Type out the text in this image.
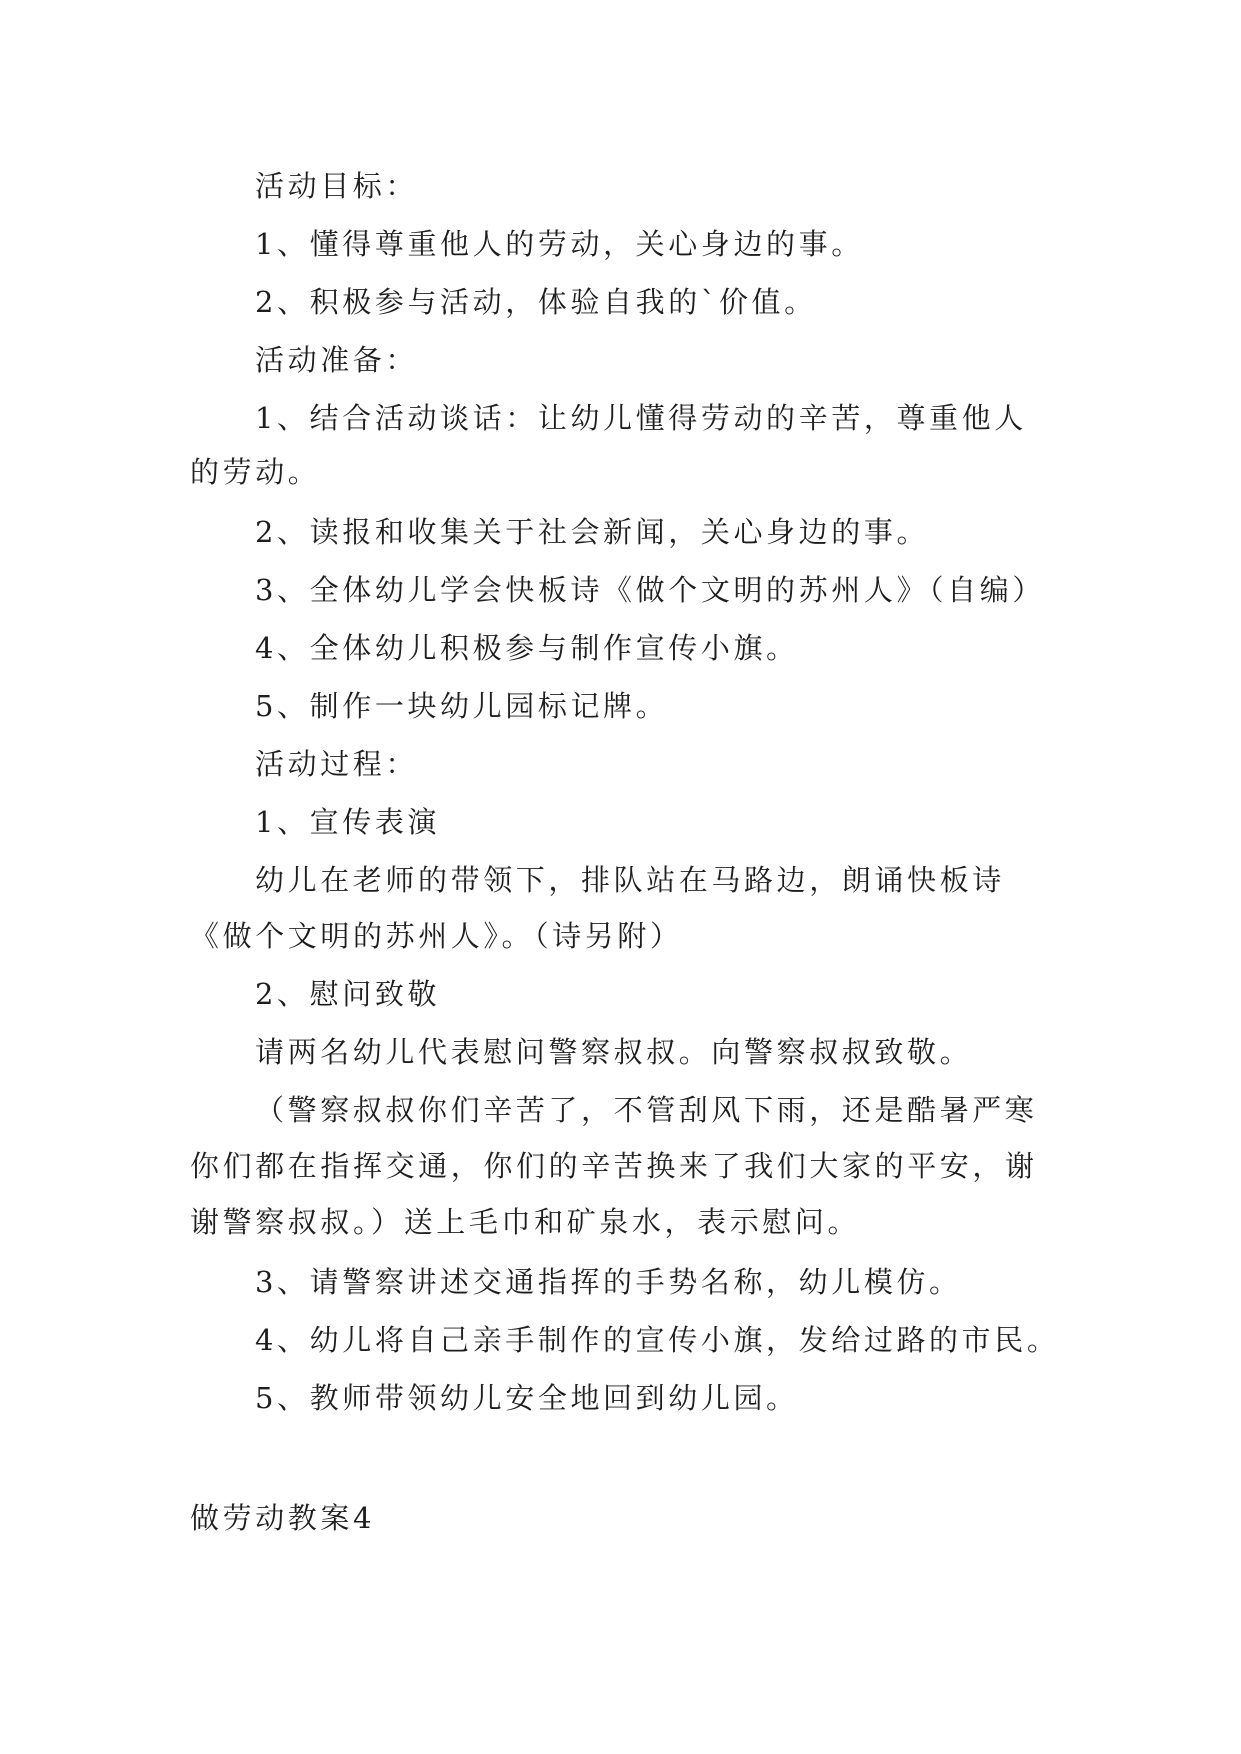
活动目标：
1、懂得尊重他人的劳动，关心身边的事。
2、积极参与活动，体验自我的`价值。
活动准备：
1、结合活动谈话：让幼儿懂得劳动的辛苦，尊重他人
的劳动。
2、读报和收集关于社会新闻，关心身边的事。
3、全体幼儿学会快板诗《做个文明的苏州人》（自编）
4、全体幼儿积极参与制作宣传小旗。
5、制作一块幼儿园标记牌。
活动过程：
1、宣传表演
幼儿在老师的带领下，排队站在马路边，朗诵快板诗
《做个文明的苏州人》。（诗另附）
2、慰问致敬
请两名幼儿代表慰问警察叔叔。向警察叔叔致敬。
（警察叔叔你们辛苦了，不管刮风下雨，还是酷暑严寒
你们都在指挥交通，你们的辛苦换来了我们大家的平安，谢
谢警察叔叔。）送上毛巾和矿泉水，表示慰问。
3、请警察讲述交通指挥的手势名称，幼儿模仿。
4、幼儿将自己亲手制作的宣传小旗，发给过路的市民。
5、教师带领幼儿安全地回到幼儿园。
做劳动教案4
